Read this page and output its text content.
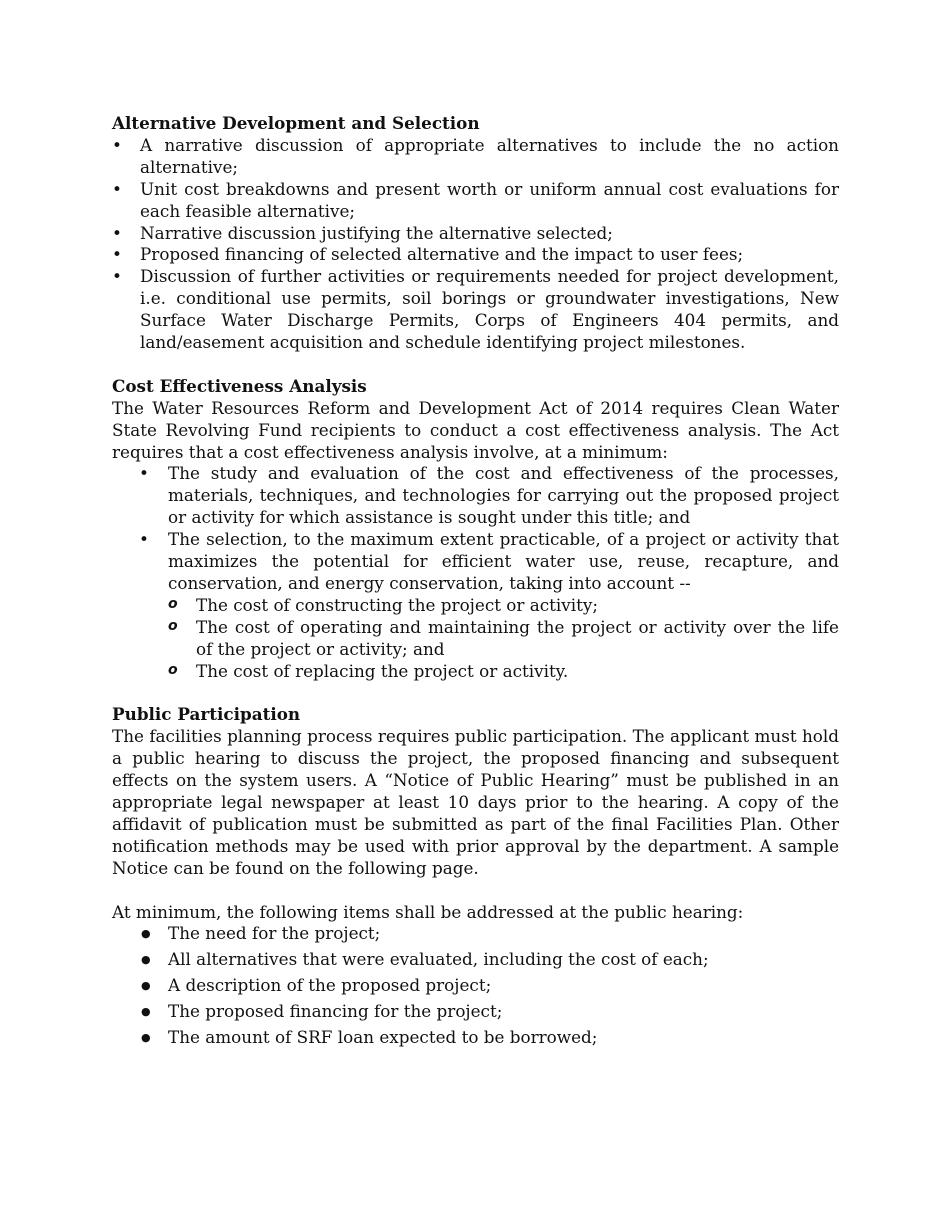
Alternative Development and Selection

• A narrative discussion of appropriate alternatives to include the no action alternative;
• Unit cost breakdowns and present worth or uniform annual cost evaluations for each feasible alternative;
• Narrative discussion justifying the alternative selected;
• Proposed financing of selected alternative and the impact to user fees;
• Discussion of further activities or requirements needed for project development, i.e. conditional use permits, soil borings or groundwater investigations, New Surface Water Discharge Permits, Corps of Engineers 404 permits, and land/easement acquisition and schedule identifying project milestones.

Cost Effectiveness Analysis

The Water Resources Reform and Development Act of 2014 requires Clean Water State Revolving Fund recipients to conduct a cost effectiveness analysis. The Act requires that a cost effectiveness analysis involve, at a minimum:

• The study and evaluation of the cost and effectiveness of the processes, materials, techniques, and technologies for carrying out the proposed project or activity for which assistance is sought under this title; and
• The selection, to the maximum extent practicable, of a project or activity that maximizes the potential for efficient water use, reuse, recapture, and conservation, and energy conservation, taking into account --
o The cost of constructing the project or activity;
o The cost of operating and maintaining the project or activity over the life of the project or activity; and
o The cost of replacing the project or activity.

Public Participation

The facilities planning process requires public participation. The applicant must hold a public hearing to discuss the project, the proposed financing and subsequent effects on the system users. A “Notice of Public Hearing” must be published in an appropriate legal newspaper at least 10 days prior to the hearing. A copy of the affidavit of publication must be submitted as part of the final Facilities Plan. Other notification methods may be used with prior approval by the department. A sample Notice can be found on the following page.

At minimum, the following items shall be addressed at the public hearing:

● The need for the project;
● All alternatives that were evaluated, including the cost of each;
● A description of the proposed project;
● The proposed financing for the project;
● The amount of SRF loan expected to be borrowed;
